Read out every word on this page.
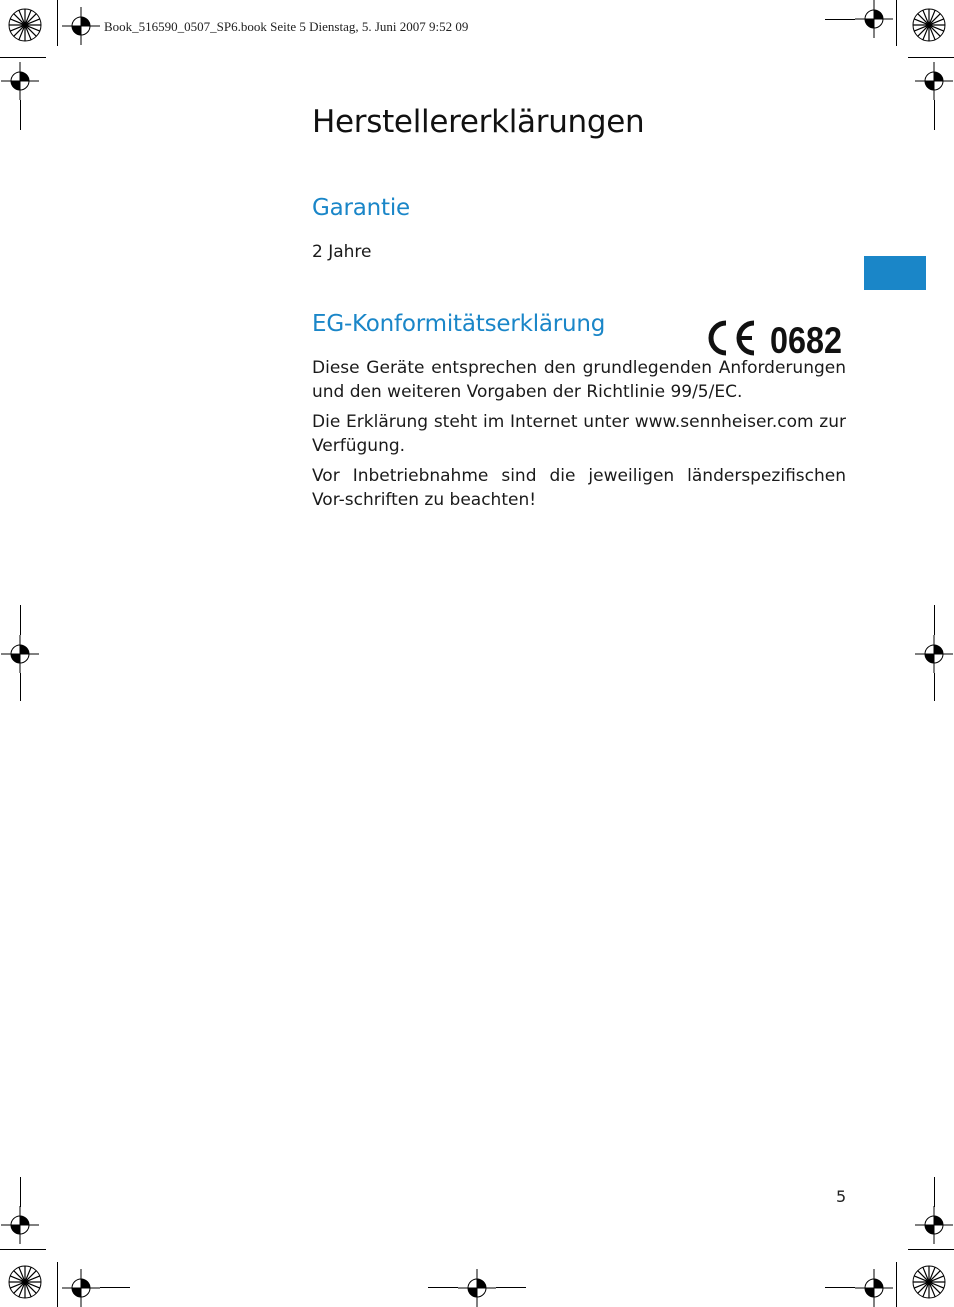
Book_516590_0507_SP6.book Seite 5 Dienstag, 5. Juni 2007 9:52 09
Herstellererklärungen
Garantie

2 Jahre

EG-Konformitätserklärung	0682

Diese Geräte entsprechen den grundlegenden Anforderungen und den weiteren Vorgaben der Richtlinie 99/5/EC.

Die Erklärung steht im Internet unter www.sennheiser.com zur Verfügung.

Vor Inbetriebnahme sind die jeweiligen länderspezifischen Vor-schriften zu beachten!

5
